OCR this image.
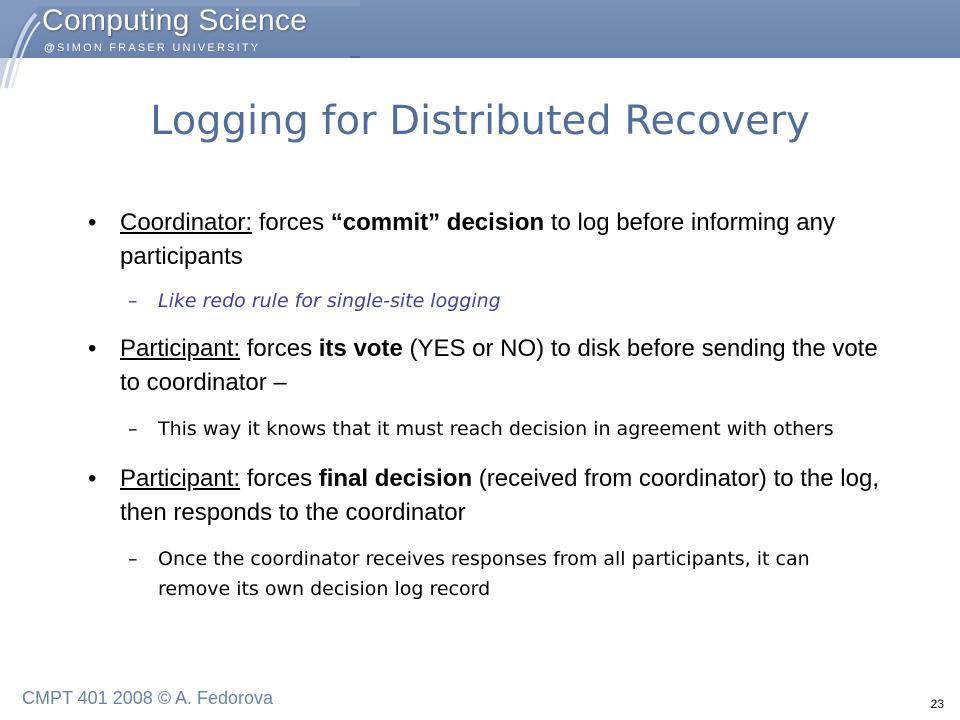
Computing Science
@SIMON FRASER UNIVERSITY
Logging for Distributed Recovery
• Coordinator: forces “commit” decision to log before informing any participants
– Like redo rule for single-site logging
• Participant: forces its vote (YES or NO) to disk before sending the vote to coordinator –
– This way it knows that it must reach decision in agreement with others
• Participant: forces final decision (received from coordinator) to the log, then responds to the coordinator
– Once the coordinator receives responses from all participants, it can remove its own decision log record
CMPT 401 2008 © A. Fedorova	23
